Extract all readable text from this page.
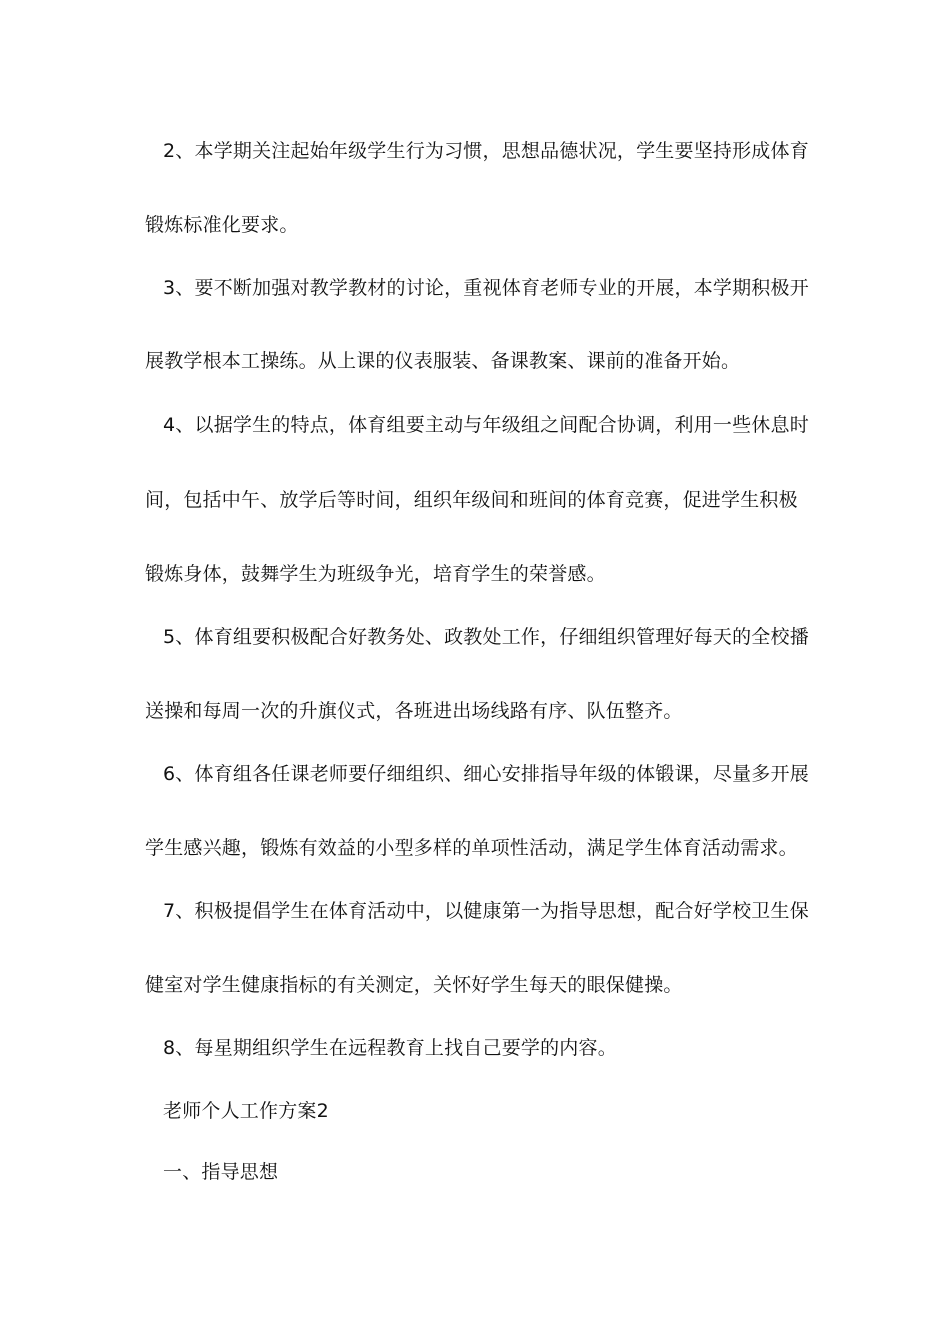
2、本学期关注起始年级学生行为习惯，思想品德状况，学生要坚持形成体育
锻炼标准化要求。
3、要不断加强对教学教材的讨论，重视体育老师专业的开展，本学期积极开
展教学根本工操练。从上课的仪表服装、备课教案、课前的准备开始。
4、以据学生的特点，体育组要主动与年级组之间配合协调，利用一些休息时
间，包括中午、放学后等时间，组织年级间和班间的体育竞赛，促进学生积极
锻炼身体，鼓舞学生为班级争光，培育学生的荣誉感。
5、体育组要积极配合好教务处、政教处工作，仔细组织管理好每天的全校播
送操和每周一次的升旗仪式，各班进出场线路有序、队伍整齐。
6、体育组各任课老师要仔细组织、细心安排指导年级的体锻课，尽量多开展
学生感兴趣，锻炼有效益的小型多样的单项性活动，满足学生体育活动需求。
7、积极提倡学生在体育活动中，以健康第一为指导思想，配合好学校卫生保
健室对学生健康指标的有关测定，关怀好学生每天的眼保健操。
8、每星期组织学生在远程教育上找自己要学的内容。
老师个人工作方案2
一、指导思想
